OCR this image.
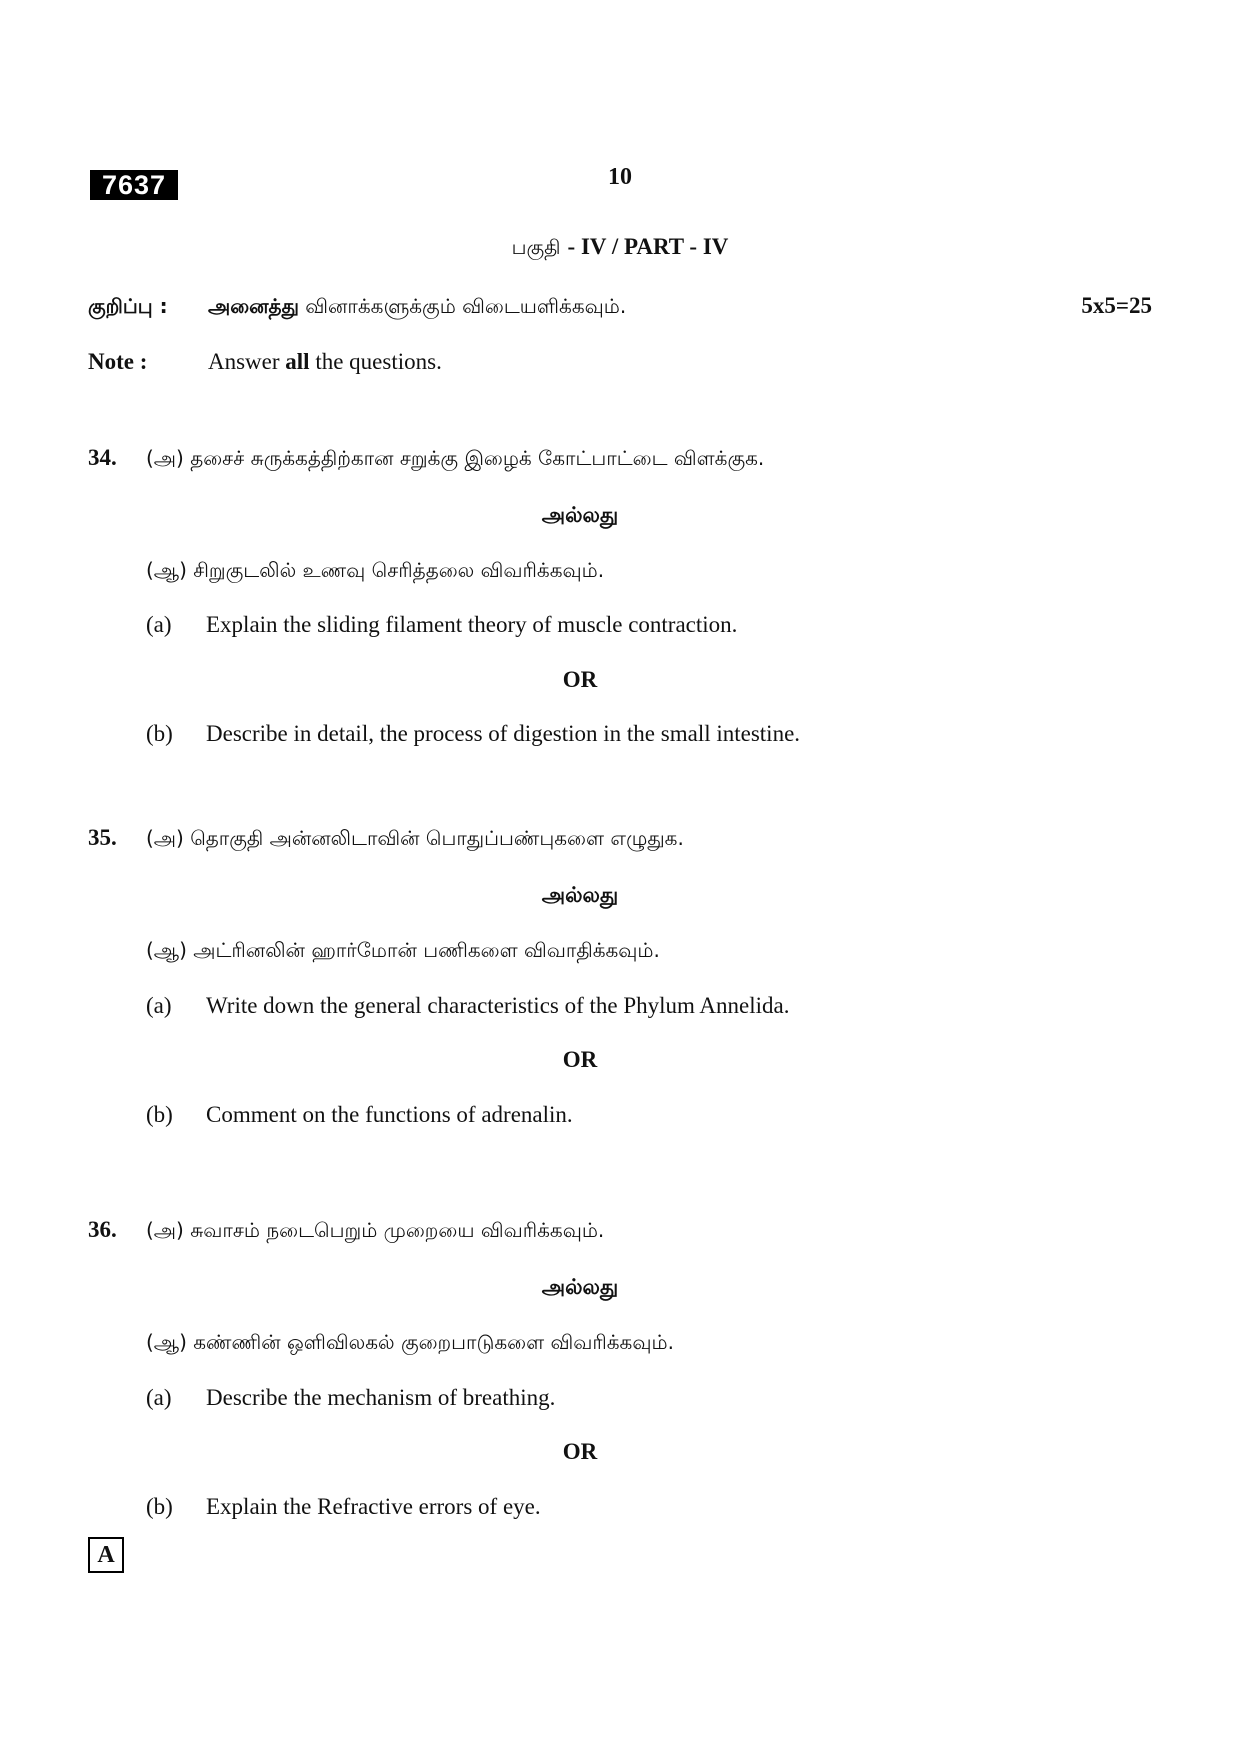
7637	10
பகுதி - IV / PART - IV
குறிப்பு : அனைத்து வினாக்களுக்கும் விடையளிக்கவும்.	5x5=25
Note :	Answer all the questions.
34. (அ) தசைச் சுருக்கத்திற்கான சறுக்கு இழைக் கோட்பாட்டை விளக்குக.
அல்லது
(ஆ) சிறுகுடலில் உணவு செரித்தலை விவரிக்கவும்.
(a) Explain the sliding filament theory of muscle contraction.
OR
(b) Describe in detail, the process of digestion in the small intestine.
35. (அ) தொகுதி அன்னலிடாவின் பொதுப்பண்புகளை எழுதுக.
அல்லது
(ஆ) அட்ரினலின் ஹார்மோன் பணிகளை விவாதிக்கவும்.
(a) Write down the general characteristics of the Phylum Annelida.
OR
(b) Comment on the functions of adrenalin.
36. (அ) சுவாசம் நடைபெறும் முறையை விவரிக்கவும்.
அல்லது
(ஆ) கண்ணின் ஒளிவிலகல் குறைபாடுகளை விவரிக்கவும்.
(a) Describe the mechanism of breathing.
OR
(b) Explain the Refractive errors of eye.
A
